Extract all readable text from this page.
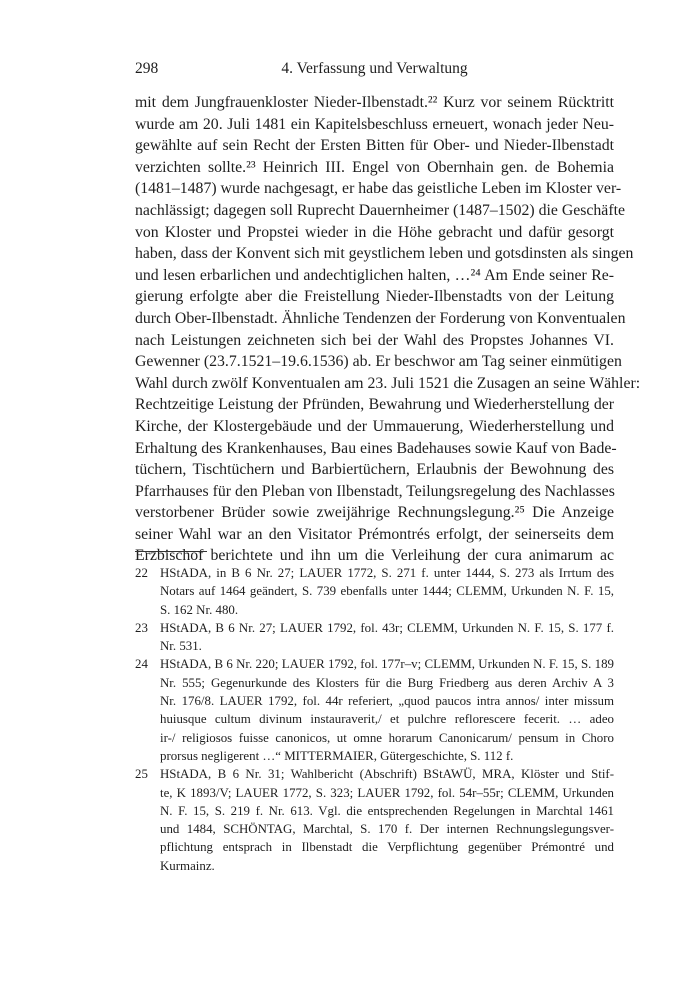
298	4. Verfassung und Verwaltung
mit dem Jungfrauenkloster Nieder-Ilbenstadt.²² Kurz vor seinem Rücktritt
wurde am 20. Juli 1481 ein Kapitelsbeschluss erneuert, wonach jeder Neu-
gewählte auf sein Recht der Ersten Bitten für Ober- und Nieder-Ilbenstadt
verzichten sollte.²³ Heinrich III. Engel von Obernhain gen. de Bohemia
(1481–1487) wurde nachgesagt, er habe das geistliche Leben im Kloster ver-
nachlässigt; dagegen soll Ruprecht Dauernheimer (1487–1502) die Geschäfte
von Kloster und Propstei wieder in die Höhe gebracht und dafür gesorgt
haben, dass der Konvent sich mit geystlichem leben und gotsdinsten als singen
und lesen erbarlichen und andechtiglichen halten, …²⁴ Am Ende seiner Re-
gierung erfolgte aber die Freistellung Nieder-Ilbenstadts von der Leitung
durch Ober-Ilbenstadt. Ähnliche Tendenzen der Forderung von Konventualen
nach Leistungen zeichneten sich bei der Wahl des Propstes Johannes VI.
Gewenner (23.7.1521–19.6.1536) ab. Er beschwor am Tag seiner einmütigen
Wahl durch zwölf Konventualen am 23. Juli 1521 die Zusagen an seine Wähler:
Rechtzeitige Leistung der Pfründen, Bewahrung und Wiederherstellung der
Kirche, der Klostergebäude und der Ummauerung, Wiederherstellung und
Erhaltung des Krankenhauses, Bau eines Badehauses sowie Kauf von Bade-
tüchern, Tischtüchern und Barbiertüchern, Erlaubnis der Bewohnung des
Pfarrhauses für den Pleban von Ilbenstadt, Teilungsregelung des Nachlasses
verstorbener Brüder sowie zweijährige Rechnungslegung.²⁵ Die Anzeige
seiner Wahl war an den Visitator Prémontrés erfolgt, der seinerseits dem
Erzbischof berichtete und ihn um die Verleihung der cura animarum ac
22 HStADA, in B 6 Nr. 27; LAUER 1772, S. 271 f. unter 1444, S. 273 als Irrtum des
Notars auf 1464 geändert, S. 739 ebenfalls unter 1444; CLEMM, Urkunden N. F. 15,
S. 162 Nr. 480.
23 HStADA, B 6 Nr. 27; LAUER 1792, fol. 43r; CLEMM, Urkunden N. F. 15, S. 177 f.
Nr. 531.
24 HStADA, B 6 Nr. 220; LAUER 1792, fol. 177r–v; CLEMM, Urkunden N. F. 15, S. 189
Nr. 555; Gegenurkunde des Klosters für die Burg Friedberg aus deren Archiv A 3
Nr. 176/8. LAUER 1792, fol. 44r referiert, „quod paucos intra annos/ inter missum
huiusque cultum divinum instauraverit,/ et pulchre reflorescere fecerit. … adeo
ir-/ religiosos fuisse canonicos, ut omne horarum Canonicarum/ pensum in Choro
prorsus negligerent …“ MITTERMAIER, Gütergeschichte, S. 112 f.
25 HStADA, B 6 Nr. 31; Wahlbericht (Abschrift) BStAWÜ, MRA, Klöster und Stif-
te, K 1893/V; LAUER 1772, S. 323; LAUER 1792, fol. 54r–55r; CLEMM, Urkunden
N. F. 15, S. 219 f. Nr. 613. Vgl. die entsprechenden Regelungen in Marchtal 1461
und 1484, SCHÖNTAG, Marchtal, S. 170 f. Der internen Rechnungslegungsver-
pflichtung entsprach in Ilbenstadt die Verpflichtung gegenüber Prémontré und
Kurmainz.
